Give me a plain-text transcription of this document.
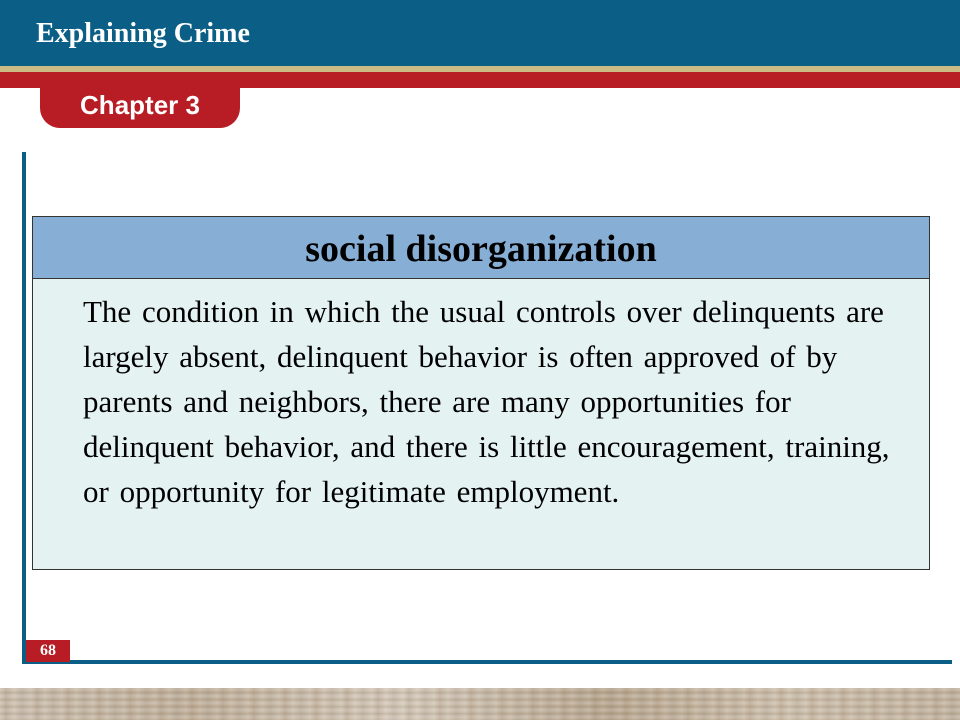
Explaining Crime
Chapter 3
68
social disorganization

The condition in which the usual controls over delinquents are largely absent, delinquent behavior is often approved of by parents and neighbors, there are many opportunities for delinquent behavior, and there is little encouragement, training, or opportunity for legitimate employment.
